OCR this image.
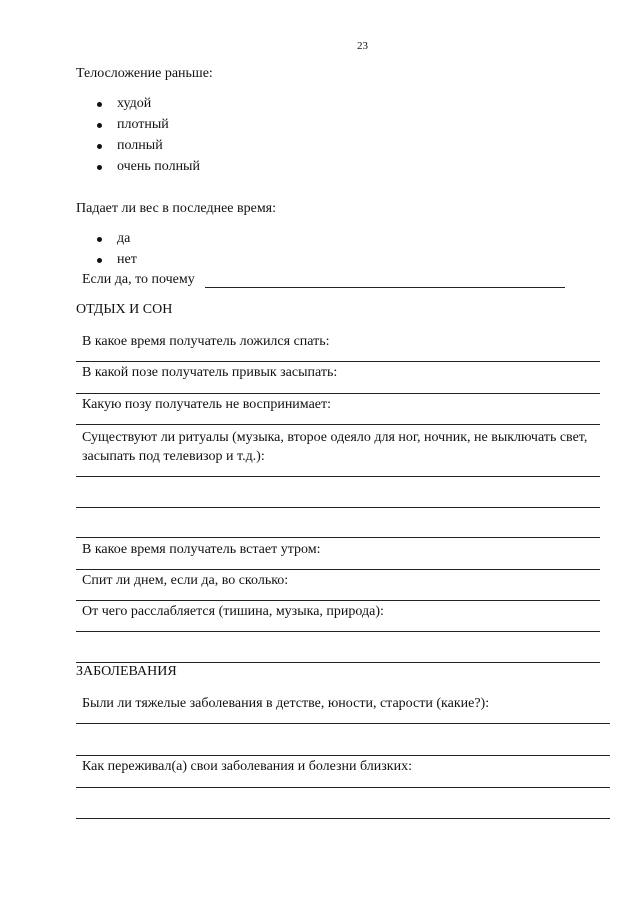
23
Телосложение раньше:
худой
плотный
полный
очень полный
Падает ли вес в последнее время:
да
нет
Если да, то почему
ОТДЫХ И СОН
В какое время получатель ложился спать:
В какой позе получатель привык засыпать:
Какую позу получатель не воспринимает:
Существуют ли ритуалы (музыка, второе одеяло для ног, ночник, не выключать свет, засыпать под телевизор и т.д.):
В какое время получатель встает утром:
Спит ли днем, если да, во сколько:
От чего расслабляется (тишина, музыка, природа):
ЗАБОЛЕВАНИЯ
Были ли тяжелые заболевания в детстве, юности, старости (какие?):
Как переживал(а) свои заболевания и болезни близких:
